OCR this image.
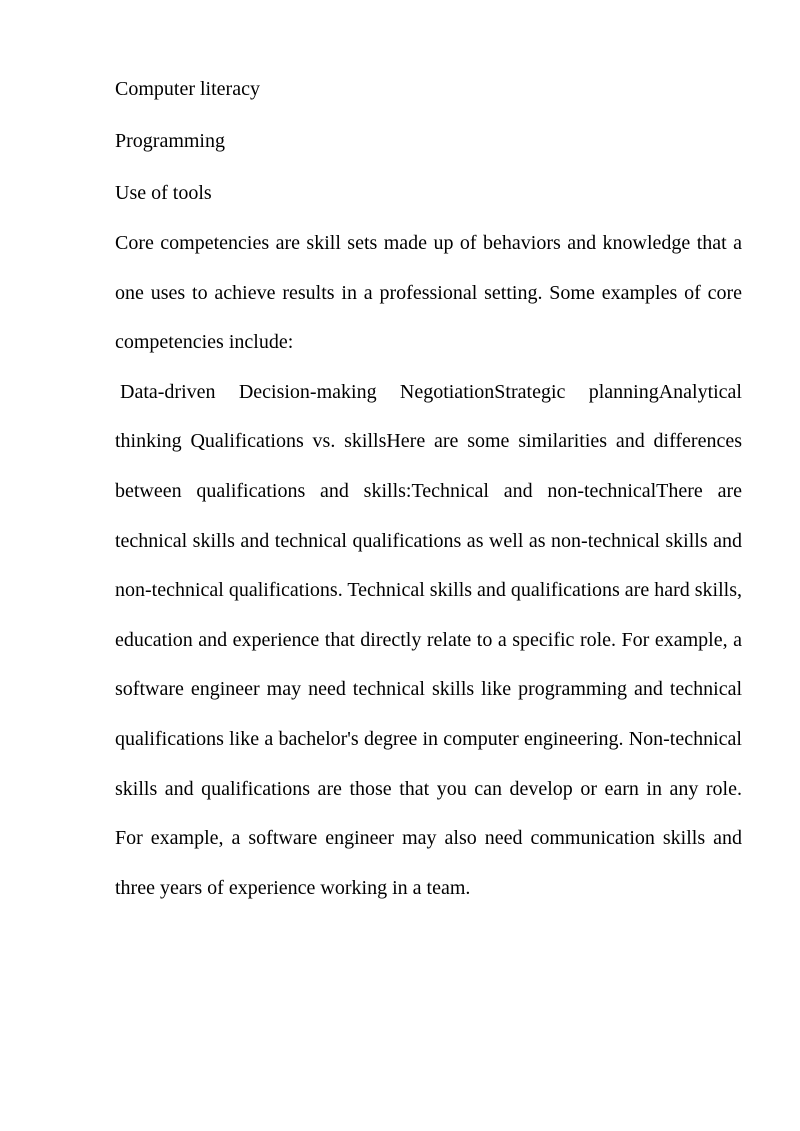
Computer literacy

Programming

Use of tools

Core competencies are skill sets made up of behaviors and knowledge that a one uses to achieve results in a professional setting. Some examples of core competencies include:

Data-driven Decision-making NegotiationStrategic planningAnalytical thinking Qualifications vs. skillsHere are some similarities and differences between qualifications and skills:Technical and non-technicalThere are technical skills and technical qualifications as well as non-technical skills and non-technical qualifications. Technical skills and qualifications are hard skills, education and experience that directly relate to a specific role. For example, a software engineer may need technical skills like programming and technical qualifications like a bachelor's degree in computer engineering. Non-technical skills and qualifications are those that you can develop or earn in any role. For example, a software engineer may also need communication skills and three years of experience working in a team.
